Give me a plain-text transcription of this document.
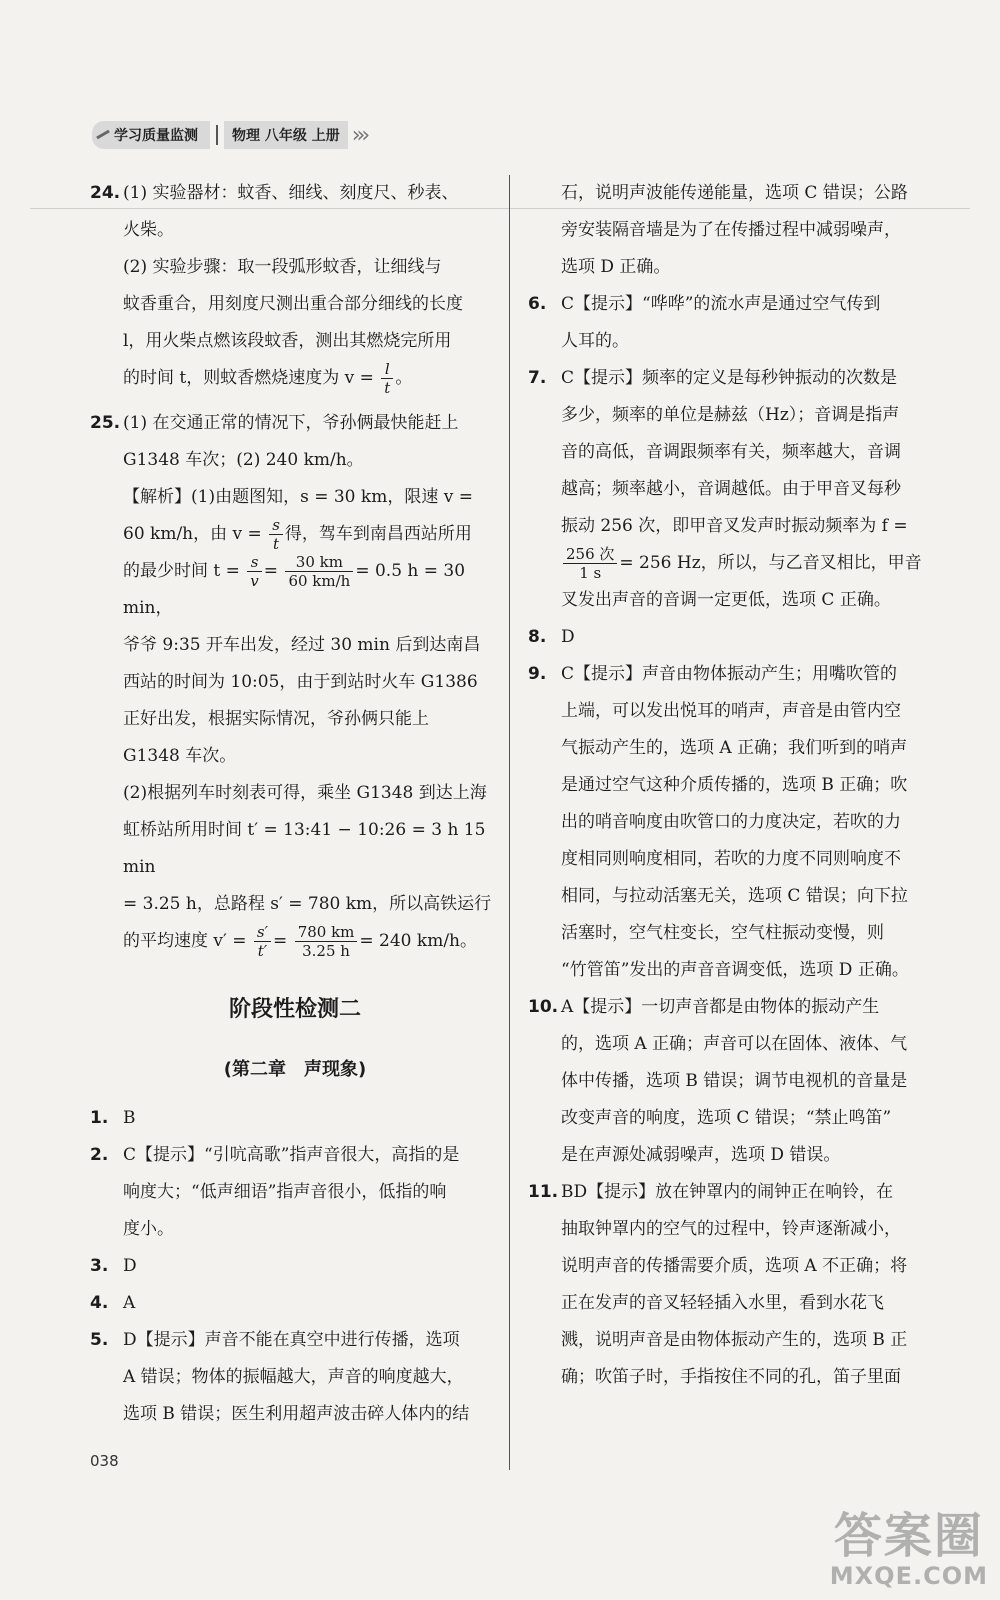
学习质量监测	物理 八年级 上册 ›››
24. (1) 实验器材：蚊香、细线、刻度尺、秒表、
火柴。
(2) 实验步骤：取一段弧形蚊香，让细线与
蚊香重合，用刻度尺测出重合部分细线的长度
l，用火柴点燃该段蚊香，测出其燃烧完所用
的时间 t，则蚊香燃烧速度为 $v = \frac{l}{t}$ 。
25. (1) 在交通正常的情况下，爷孙俩最快能赶上
G1348 车次；(2) 240 km/h。
【解析】(1)由题图知，s = 30 km，限速 v =
60 km/h，由 $v = \frac{s}{t}$ 得，驾车到南昌西站所用
的最少时间 $t = \frac{s}{v} = \frac{30 km}{60 km/h} = 0.5$ h = 30 min，
爷爷 9:35 开车出发，经过 30 min 后到达南昌
西站的时间为 10:05，由于到站时火车 G1386
正好出发，根据实际情况，爷孙俩只能上
G1348 车次。
(2)根据列车时刻表可得，乘坐 G1348 到达上海
虹桥站所用时间 t′ = 13:41 − 10:26 = 3 h 15 min
= 3.25 h，总路程 s′ = 780 km，所以高铁运行
的平均速度 $v' = \frac{s'}{t'} = \frac{780 km}{3.25 h} = 240$ km/h。
阶段性检测二
(第二章　声现象)
1. B
2. C【提示】“引吭高歌”指声音很大，高指的是
响度大；“低声细语”指声音很小，低指的响
度小。
3. D
4. A
5. D【提示】声音不能在真空中进行传播，选项
A 错误；物体的振幅越大，声音的响度越大，
选项 B 错误；医生利用超声波击碎人体内的结
石，说明声波能传递能量，选项 C 错误；公路
旁安装隔音墙是为了在传播过程中减弱噪声，
选项 D 正确。
6. C【提示】“哗哗”的流水声是通过空气传到
人耳的。
7. C【提示】频率的定义是每秒钟振动的次数是
多少，频率的单位是赫兹（Hz）；音调是指声
音的高低，音调跟频率有关，频率越大，音调
越高；频率越小，音调越低。由于甲音叉每秒
振动 256 次，即甲音叉发声时振动频率为 f =
$\frac{\text{256 次}}{1 s} = 256$ Hz，所以，与乙音叉相比，甲音
叉发出声音的音调一定更低，选项 C 正确。
8. D
9. C【提示】声音由物体振动产生；用嘴吹管的
上端，可以发出悦耳的哨声，声音是由管内空
气振动产生的，选项 A 正确；我们听到的哨声
是通过空气这种介质传播的，选项 B 正确；吹
出的哨音响度由吹管口的力度决定，若吹的力
度相同则响度相同，若吹的力度不同则响度不
相同，与拉动活塞无关，选项 C 错误；向下拉
活塞时，空气柱变长，空气柱振动变慢，则
“竹管笛”发出的声音音调变低，选项 D 正确。
10. A【提示】一切声音都是由物体的振动产生
的，选项 A 正确；声音可以在固体、液体、气
体中传播，选项 B 错误；调节电视机的音量是
改变声音的响度，选项 C 错误；“禁止鸣笛”
是在声源处减弱噪声，选项 D 错误。
11. BD【提示】放在钟罩内的闹钟正在响铃，在
抽取钟罩内的空气的过程中，铃声逐渐减小，
说明声音的传播需要介质，选项 A 不正确；将
正在发声的音叉轻轻插入水里，看到水花飞
溅，说明声音是由物体振动产生的，选项 B 正
确；吹笛子时，手指按住不同的孔，笛子里面
038
答案圈
MXQE.COM
